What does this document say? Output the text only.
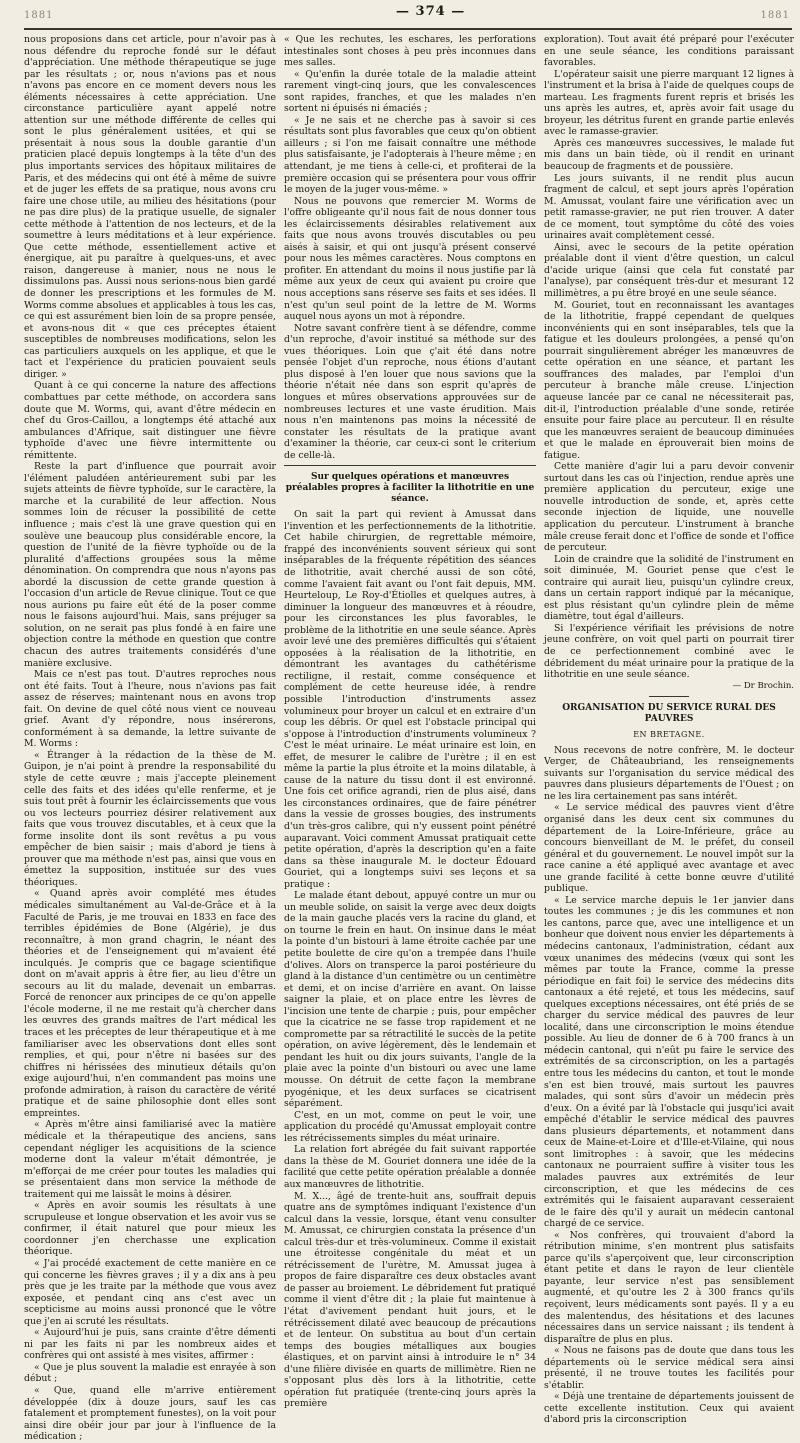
1881	— 374 —	1881

nous proposions dans cet article, pour n'avoir pas à nous défendre du reproche fondé sur le défaut d'appréciation. Une méthode thérapeutique se juge par les résultats ; or, nous n'avions pas et nous n'avons pas encore en ce moment devers nous les éléments nécessaires à cette appréciation. Une circonstance particulière ayant appelé notre attention sur une méthode différente de celles qui sont le plus généralement usitées, et qui se présentait à nous sous la double garantie d'un praticien placé depuis longtemps à la tête d'un des plus importants services des hôpitaux militaires de Paris, et des médecins qui ont été à même de suivre et de juger les effets de sa pratique, nous avons cru faire une chose utile, au milieu des hésitations (pour ne pas dire plus) de la pratique usuelle, de signaler cette méthode à l'attention de nos lecteurs, et de la soumettre à leurs méditations et à leur expérience. Que cette méthode, essentiellement active et énergique, ait pu paraître à quelques-uns, et avec raison, dangereuse à manier, nous ne nous le dissimulons pas. Aussi nous serions-nous bien gardé de donner les prescriptions et les formules de M. Worms comme absolues et applicables à tous les cas, ce qui est assurément bien loin de sa propre pensée, et avons-nous dit « que ces préceptes étaient susceptibles de nombreuses modifications, selon les cas particuliers auxquels on les applique, et que le tact et l'expérience du praticien pouvaient seuls diriger. »

Quant à ce qui concerne la nature des affections combattues par cette méthode, on accordera sans doute que M. Worms, qui, avant d'être médecin en chef du Gros-Caillou, a longtemps été attaché aux ambulances d'Afrique, sait distinguer une fièvre typhoïde d'avec une fièvre intermittente ou rémittente.

Reste la part d'influence que pourrait avoir l'élément paludéen antérieurement subi par les sujets atteints de fièvre typhoïde, sur le caractère, la marche et la curabilité de leur affection. Nous sommes loin de récuser la possibilité de cette influence ; mais c'est là une grave question qui en soulève une beaucoup plus considérable encore, la question de l'unité de la fièvre typhoïde ou de la pluralité d'affections groupées sous la même dénomination. On comprendra que nous n'ayons pas abordé la discussion de cette grande question à l'occasion d'un article de Revue clinique. Tout ce que nous aurions pu faire eût été de la poser comme nous le faisons aujourd'hui. Mais, sans préjuger sa solution, on ne serait pas plus fondé à en faire une objection contre la méthode en question que contre chacun des autres traitements considérés d'une manière exclusive.

Mais ce n'est pas tout. D'autres reproches nous ont été faits. Tout à l'heure, nous n'avions pas fait assez de réserves; maintenant nous en avons trop fait. On devine de quel côté nous vient ce nouveau grief. Avant d'y répondre, nous insérerons, conformément à sa demande, la lettre suivante de M. Worms :

« Étranger à la rédaction de la thèse de M. Guipon, je n'ai point à prendre la responsabilité du style de cette œuvre ; mais j'accepte pleinement celle des faits et des idées qu'elle renferme, et je suis tout prêt à fournir les éclaircissements que vous ou vos lecteurs pourriez désirer relativement aux faits que vous trouvez discutables, et à ceux que la forme insolite dont ils sont revêtus a pu vous empêcher de bien saisir ; mais d'abord je tiens à prouver que ma méthode n'est pas, ainsi que vous en émettez la supposition, instituée sur des vues théoriques.

« Quand après avoir complété mes études médicales simultanément au Val-de-Grâce et à la Faculté de Paris, je me trouvai en 1833 en face des terribles épidémies de Bone (Algérie), je dus reconnaître, à mon grand chagrin, le néant des théories et de l'enseignement qui m'avaient été inculqués. Je compris que ce bagage scientifique dont on m'avait appris à être fier, au lieu d'être un secours au lit du malade, devenait un embarras. Forcé de renoncer aux principes de ce qu'on appelle l'école moderne, il ne me restait qu'à chercher dans les œuvres des grands maîtres de l'art médical les traces et les préceptes de leur thérapeutique et à me familiariser avec les observations dont elles sont remplies, et qui, pour n'être ni basées sur des chiffres ni hérissées des minutieux détails qu'on exige aujourd'hui, n'en commandent pas moins une profonde admiration, à raison du caractère de vérité pratique et de saine philosophie dont elles sont empreintes.

« Après m'être ainsi familiarisé avec la matière médicale et la thérapeutique des anciens, sans cependant négliger les acquisitions de la science moderne dont la valeur m'était démontrée, je m'efforçai de me créer pour toutes les maladies qui se présentaient dans mon service la méthode de traitement qui me laissât le moins à désirer.

« Après en avoir soumis les résultats à une scrupuleuse et longue observation et les avoir vus se confirmer, il était naturel que pour mieux les coordonner j'en cherchasse une explication théorique.

« J'ai procédé exactement de cette manière en ce qui concerne les fièvres graves ; il y a dix ans à peu près que je les traite par la méthode que vous avez exposée, et pendant cinq ans c'est avec un scepticisme au moins aussi prononcé que le vôtre que j'en ai scruté les résultats.

« Aujourd'hui je puis, sans crainte d'être démenti ni par les faits ni par les nombreux aides et confrères qui ont assisté à mes visites, affirmer :

« Que je plus souvent la maladie est enrayée à son début ;

« Que, quand elle m'arrive entièrement développée (dix à douze jours, sauf les cas fatalement et promptement funestes), on la voit pour ainsi dire obéir jour par jour à l'influence de la médication ;

« Que les rechutes, les eschares, les perforations intestinales sont choses à peu près inconnues dans mes salles.

« Qu'enfin la durée totale de la maladie atteint rarement vingt-cinq jours, que les convalescences sont rapides, franches, et que les malades n'en sortent ni épuisés ni émaciés ;

« Je ne sais et ne cherche pas à savoir si ces résultats sont plus favorables que ceux qu'on obtient ailleurs ; si l'on me faisait connaître une méthode plus satisfaisante, je l'adopterais à l'heure même ; en attendant, je me tiens à celle-ci, et profiterai de la première occasion qui se présentera pour vous offrir le moyen de la juger vous-même. »

Nous ne pouvons que remercier M. Worms de l'offre obligeante qu'il nous fait de nous donner tous les éclaircissements désirables relativement aux faits que nous avons trouvés discutables ou peu aisés à saisir, et qui ont jusqu'à présent conservé pour nous les mêmes caractères. Nous comptons en profiter. En attendant du moins il nous justifie par là même aux yeux de ceux qui avaient pu croire que nous acceptions sans réserve ses faits et ses idées. Il n'est qu'un seul point de la lettre de M. Worms auquel nous ayons un mot à répondre.

Notre savant confrère tient à se défendre, comme d'un reproche, d'avoir institué sa méthode sur des vues théoriques. Loin que ç'ait été dans notre pensée l'objet d'un reproche, nous étions d'autant plus disposé à l'en louer que nous savions que la théorie n'était née dans son esprit qu'après de longues et mûres observations approuvées sur de nombreuses lectures et une vaste érudition. Mais nous n'en maintenons pas moins la nécessité de constater les résultats de la pratique avant d'examiner la théorie, car ceux-ci sont le criterium de celle-là.

Sur quelques opérations et manœuvres préalables propres à faciliter la lithotritie en une séance.

On sait la part qui revient à Amussat dans l'invention et les perfectionnements de la lithotritie. Cet habile chirurgien, de regrettable mémoire, frappé des inconvénients souvent sérieux qui sont inséparables de la fréquente répétition des séances de lithotritie, avait cherché aussi de son côté, comme l'avaient fait avant ou l'ont fait depuis, MM. Heurteloup, Le Roy-d'Étiolles et quelques autres, à diminuer la longueur des manœuvres et à réoudre, pour les circonstances les plus favorables, le problème de la lithotritie en une seule séance. Après avoir levé une des premières difficultés qui s'étaient opposées à la réalisation de la lithotritie, en démontrant les avantages du cathétérisme rectiligne, il restait, comme conséquence et complément de cette heureuse idée, à rendre possible l'introduction d'instruments assez volumineux pour broyer un calcul et en extraire d'un coup les débris. Or quel est l'obstacle principal qui s'oppose à l'introduction d'instruments volumineux ? C'est le méat urinaire. Le méat urinaire est loin, en effet, de mesurer le calibre de l'urètre ; il en est même la partie la plus étroite et la moins dilatable, à cause de la nature du tissu dont il est environné. Une fois cet orifice agrandi, rien de plus aisé, dans les circonstances ordinaires, que de faire pénétrer dans la vessie de grosses bougies, des instruments d'un très-gros calibre, qui n'y eussent point pénétré auparavant. Voici comment Amussat pratiquait cette petite opération, d'après la description qu'en a faite dans sa thèse inaugurale M. le docteur Édouard Gouriet, qui a longtemps suivi ses leçons et sa pratique :

Le malade étant debout, appuyé contre un mur ou un meuble solide, on saisit la verge avec deux doigts de la main gauche placés vers la racine du gland, et on tourne le frein en haut. On insinue dans le méat la pointe d'un bistouri à lame étroite cachée par une petite boulette de cire qu'on a trempée dans l'huile d'olives. Alors on transperce la paroi postérieure du gland à la distance d'un centimètre ou un centimètre et demi, et on incise d'arrière en avant. On laisse saigner la plaie, et on place entre les lèvres de l'incision une tente de charpie ; puis, pour empêcher que la cicatrice ne se fasse trop rapidement et ne compromette par sa rétractilité le succès de la petite opération, on avive légèrement, dès le lendemain et pendant les huit ou dix jours suivants, l'angle de la plaie avec la pointe d'un bistouri ou avec une lame mousse. On détruit de cette façon la membrane pyogénique, et les deux surfaces se cicatrisent séparément.

C'est, en un mot, comme on peut le voir, une application du procédé qu'Amussat employait contre les rétrécissements simples du méat urinaire.

La relation fort abrégée du fait suivant rapportée dans la thèse de M. Gouriet donnera une idée de la facilité que cette petite opération préalable a donnée aux manœuvres de lithotritie.

M. X..., âgé de trente-huit ans, souffrait depuis quatre ans de symptômes indiquant l'existence d'un calcul dans la vessie, lorsque, étant venu consulter M. Amussat, ce chirurgien constata la présence d'un calcul très-dur et très-volumineux. Comme il existait une étroitesse congénitale du méat et un rétrécissement de l'urètre, M. Amussat jugea à propos de faire disparaître ces deux obstacles avant de passer au broiement. Le débridement fut pratiqué comme il vient d'être dit ; la plaie fut maintenue à l'état d'avivement pendant huit jours, et le rétrécissement dilaté avec beaucoup de précautions et de lenteur. On substitua au bout d'un certain temps des bougies métalliques aux bougies élastiques, et on parvint ainsi à introduire le n° 34 d'une filière divisée en quarts de millimètre. Rien ne s'opposant plus dès lors à la lithotritie, cette opération fut pratiquée (trente-cinq jours après la première

exploration). Tout avait été préparé pour l'exécuter en une seule séance, les conditions paraissant favorables.

L'opérateur saisit une pierre marquant 12 lignes à l'instrument et la brisa à l'aide de quelques coups de marteau. Les fragments furent repris et brisés les uns après les autres, et, après avoir fait usage du broyeur, les détritus furent en grande partie enlevés avec le ramasse-gravier.

Après ces manœuvres successives, le malade fut mis dans un bain tiède, où il rendit en urinant beaucoup de fragments et de poussière.

Les jours suivants, il ne rendit plus aucun fragment de calcul, et sept jours après l'opération M. Amussat, voulant faire une vérification avec un petit ramasse-gravier, ne put rien trouver. A dater de ce moment, tout symptôme du côté des voies urinaires avait complètement cessé.

Ainsi, avec le secours de la petite opération préalable dont il vient d'être question, un calcul d'acide urique (ainsi que cela fut constaté par l'analyse), par conséquent très-dur et mesurant 12 millimètres, a pu être broyé en une seule séance.

M. Gouriet, tout en reconnaissant les avantages de la lithotritie, frappé cependant de quelques inconvénients qui en sont inséparables, tels que la fatigue et les douleurs prolongées, a pensé qu'on pourrait singulièrement abréger les manœuvres de cette opération en une séance, et partant les souffrances des malades, par l'emploi d'un percuteur à branche mâle creuse. L'injection aqueuse lancée par ce canal ne nécessiterait pas, dit-il, l'introduction préalable d'une sonde, retirée ensuite pour faire place au percuteur. Il en résulte que les manœuvres seraient de beaucoup diminuées et que le malade en éprouverait bien moins de fatigue.

Cette manière d'agir lui a paru devoir convenir surtout dans les cas où l'injection, rendue après une première application du percuteur, exige une nouvelle introduction de sonde, et, après cette seconde injection de liquide, une nouvelle application du percuteur. L'instrument à branche mâle creuse ferait donc et l'office de sonde et l'office de percuteur.

Loin de craindre que la solidité de l'instrument en soit diminuée, M. Gouriet pense que c'est le contraire qui aurait lieu, puisqu'un cylindre creux, dans un certain rapport indiqué par la mécanique, est plus résistant qu'un cylindre plein de même diamètre, tout égal d'ailleurs.

Si l'expérience vérifiait les prévisions de notre jeune confrère, on voit quel parti on pourrait tirer de ce perfectionnement combiné avec le débridement du méat urinaire pour la pratique de la lithotritie en une seule séance.

— Dr Brochin.
ORGANISATION DU SERVICE RURAL DES PAUVRES
EN BRETAGNE.

Nous recevons de notre confrère, M. le docteur Verger, de Châteaubriand, les renseignements suivants sur l'organisation du service médical des pauvres dans plusieurs départements de l'Ouest ; on ne les lira certainement pas sans intérêt.

« Le service médical des pauvres vient d'être organisé dans les deux cent six communes du département de la Loire-Inférieure, grâce au concours bienveillant de M. le préfet, du conseil général et du gouvernement. Le nouvel impôt sur la race canine a été appliqué avec avantage et avec une grande facilité à cette bonne œuvre d'utilité publique.

« Le service marche depuis le 1er janvier dans toutes les communes ; je dis les communes et non les cantons, parce que, avec une intelligence et un bonheur que doivent nous envier les départements à médecins cantonaux, l'administration, cédant aux vœux unanimes des médecins (vœux qui sont les mêmes par toute la France, comme la presse périodique en fait foi) le service des médecins dits cantonaux a été rejeté, et tous les médecins, sauf quelques exceptions nécessaires, ont été priés de se charger du service médical des pauvres de leur localité, dans une circonscription le moins étendue possible. Au lieu de donner de 6 à 700 francs à un médecin cantonal, qui n'eût pu faire le service des extrémités de sa circonscription, on les a partagés entre tous les médecins du canton, et tout le monde s'en est bien trouvé, mais surtout les pauvres malades, qui sont sûrs d'avoir un médecin près d'eux. On a évité par là l'obstacle qui jusqu'ici avait empêché d'établir le service médical des pauvres dans plusieurs départements, et notamment dans ceux de Maine-et-Loire et d'Ille-et-Vilaine, qui nous sont limitrophes : à savoir, que les médecins cantonaux ne pourraient suffire à visiter tous les malades pauvres aux extrémités de leur circonscription, et que les médecins de ces extrémités qui le faisaient auparavant cesseraient de le faire dès qu'il y aurait un médecin cantonal chargé de ce service.

« Nos confrères, qui trouvaient d'abord la rétribution minime, s'en montrent plus satisfaits parce qu'ils s'aperçoivent que, leur circonscription étant petite et dans le rayon de leur clientèle payante, leur service n'est pas sensiblement augmenté, et qu'outre les 2 à 300 francs qu'ils reçoivent, leurs médicaments sont payés. Il y a eu des malentendus, des hésitations et des lacunes nécessaires dans un service naissant ; ils tendent à disparaître de plus en plus.

« Nous ne faisons pas de doute que dans tous les départements où le service médical sera ainsi présenté, il ne trouve toutes les facilités pour s'établir.

« Déjà une trentaine de départements jouissent de cette excellente institution. Ceux qui avaient d'abord pris la circonscription
